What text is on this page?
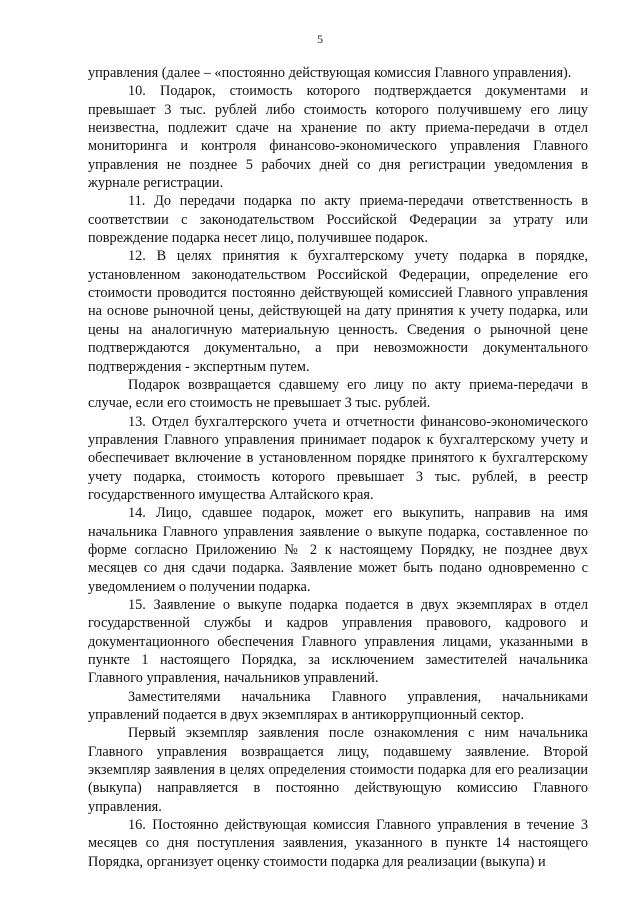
5

управления (далее – «постоянно действующая комиссия Главного управления).

10. Подарок, стоимость которого подтверждается документами и превышает 3 тыс. рублей либо стоимость которого получившему его лицу неизвестна, подлежит сдаче на хранение по акту приема-передачи в отдел мониторинга и контроля финансово-экономического управления Главного управления не позднее 5 рабочих дней со дня регистрации уведомления в журнале регистрации.

11. До передачи подарка по акту приема-передачи ответственность в соответствии с законодательством Российской Федерации за утрату или повреждение подарка несет лицо, получившее подарок.

12. В целях принятия к бухгалтерскому учету подарка в порядке, установленном законодательством Российской Федерации, определение его стоимости проводится постоянно действующей комиссией Главного управления на основе рыночной цены, действующей на дату принятия к учету подарка, или цены на аналогичную материальную ценность. Сведения о рыночной цене подтверждаются документально, а при невозможности документального подтверждения - экспертным путем.

Подарок возвращается сдавшему его лицу по акту приема-передачи в случае, если его стоимость не превышает 3 тыс. рублей.

13. Отдел бухгалтерского учета и отчетности финансово-экономического управления Главного управления принимает подарок к бухгалтерскому учету и обеспечивает включение в установленном порядке принятого к бухгалтерскому учету подарка, стоимость которого превышает 3 тыс. рублей, в реестр государственного имущества Алтайского края.

14. Лицо, сдавшее подарок, может его выкупить, направив на имя начальника Главного управления заявление о выкупе подарка, составленное по форме согласно Приложению № 2 к настоящему Порядку, не позднее двух месяцев со дня сдачи подарка. Заявление может быть подано одновременно с уведомлением о получении подарка.

15. Заявление о выкупе подарка подается в двух экземплярах в отдел государственной службы и кадров управления правового, кадрового и документационного обеспечения Главного управления лицами, указанными в пункте 1 настоящего Порядка, за исключением заместителей начальника Главного управления, начальников управлений.

Заместителями начальника Главного управления, начальниками управлений подается в двух экземплярах в антикоррупционный сектор.

Первый экземпляр заявления после ознакомления с ним начальника Главного управления возвращается лицу, подавшему заявление. Второй экземпляр заявления в целях определения стоимости подарка для его реализации (выкупа) направляется в постоянно действующую комиссию Главного управления.

16. Постоянно действующая комиссия Главного управления в течение 3 месяцев со дня поступления заявления, указанного в пункте 14 настоящего Порядка, организует оценку стоимости подарка для реализации (выкупа) и
